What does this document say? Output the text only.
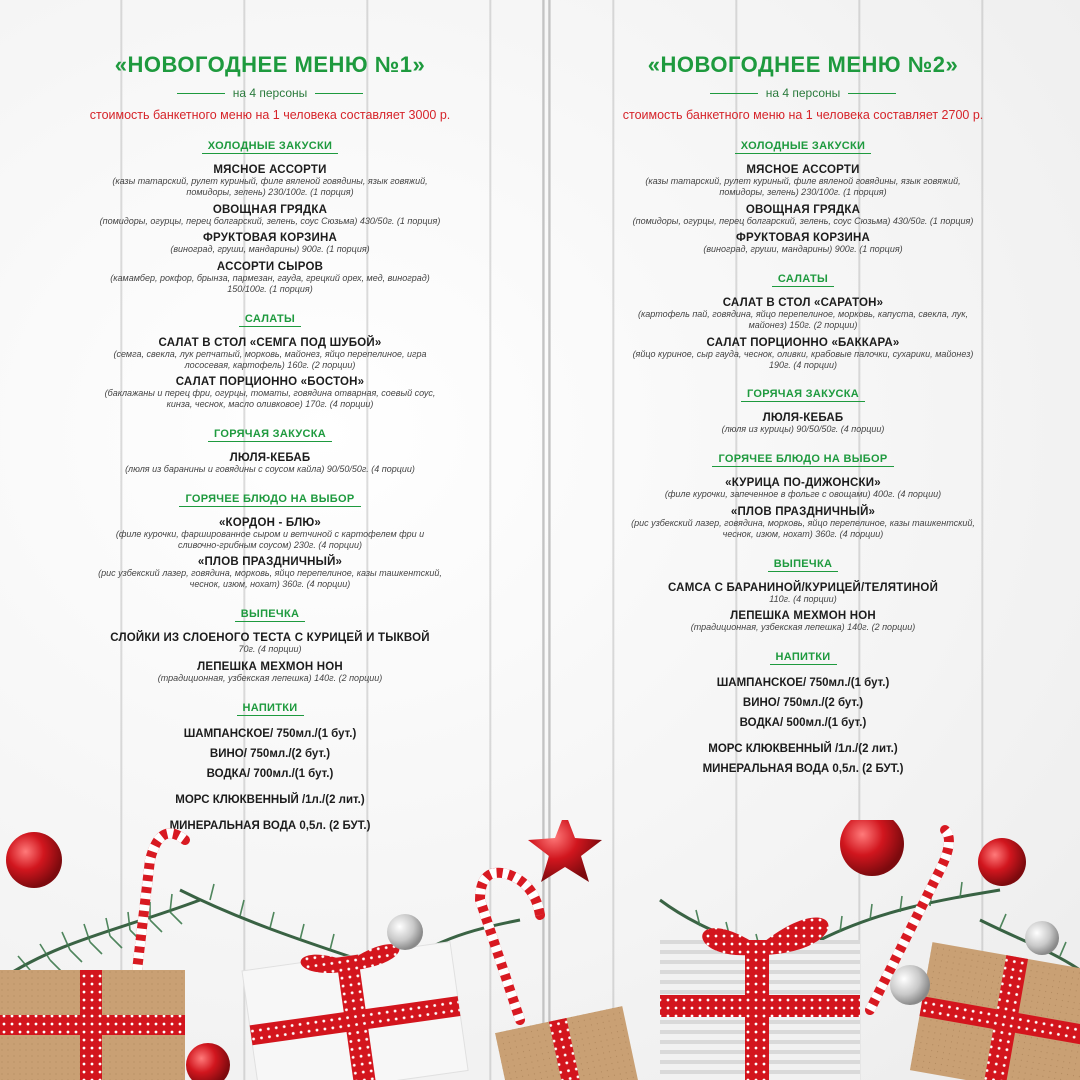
«НОВОГОДНЕЕ МЕНЮ №1»
на 4 персоны
стоимость банкетного меню на 1 человека составляет 3000 р.
ХОЛОДНЫЕ ЗАКУСКИ
МЯСНОЕ АССОРТИ
(казы татарский, рулет куриный, филе вяленой говядины, язык говяжий, помидоры, зелень) 230/100г. (1 порция)
ОВОЩНАЯ ГРЯДКА
(помидоры, огурцы, перец болгарский, зелень, соус Сюзьма) 430/50г. (1 порция)
ФРУКТОВАЯ КОРЗИНА
(виноград, груши, мандарины) 900г. (1 порция)
АССОРТИ СЫРОВ
(камамбер, рокфор, брынза, пармезан, гауда, грецкий орех, мед, виноград) 150/100г. (1 порция)
САЛАТЫ
САЛАТ В СТОЛ «СЕМГА ПОД ШУБОЙ»
(семга, свекла, лук репчатый, морковь, майонез, яйцо перепелиное, игра лососевая, картофель) 160г. (2 порции)
САЛАТ ПОРЦИОННО «БОСТОН»
(баклажаны и перец фри, огурцы, томаты, говядина отварная, соевый соус, кинза, чеснок, масло оливковое) 170г. (4 порции)
ГОРЯЧАЯ ЗАКУСКА
ЛЮЛЯ-КЕБАБ
(люля из баранины и говядины с соусом кайла) 90/50/50г. (4 порции)
ГОРЯЧЕЕ БЛЮДО НА ВЫБОР
«КОРДОН - БЛЮ»
(филе курочки, фаршированное сыром и ветчиной с картофелем фри и сливочно-грибным соусом) 230г. (4 порции)
«ПЛОВ ПРАЗДНИЧНЫЙ»
(рис узбекский лазер, говядина, морковь, яйцо перепелиное, казы ташкентский, чеснок, изюм, нохат) 360г. (4 порции)
ВЫПЕЧКА
СЛОЙКИ ИЗ СЛОЕНОГО ТЕСТА С КУРИЦЕЙ И ТЫКВОЙ
70г. (4 порции)
ЛЕПЕШКА МЕХМОН НОН
(традиционная, узбекская лепешка) 140г. (2 порции)
НАПИТКИ
ШАМПАНСКОЕ/ 750мл./(1 бут.)
ВИНО/ 750мл./(2 бут.)
ВОДКА/ 700мл./(1 бут.)
МОРС КЛЮКВЕННЫЙ /1л./(2 лит.)
МИНЕРАЛЬНАЯ ВОДА 0,5л. (2 БУТ.)
«НОВОГОДНЕЕ МЕНЮ №2»
на 4 персоны
стоимость банкетного меню на 1 человека составляет 2700 р.
ХОЛОДНЫЕ ЗАКУСКИ
МЯСНОЕ АССОРТИ
(казы татарский, рулет куриный, филе вяленой говядины, язык говяжий, помидоры, зелень) 230/100г. (1 порция)
ОВОЩНАЯ ГРЯДКА
(помидоры, огурцы, перец болгарский, зелень, соус Сюзьма) 430/50г. (1 порция)
ФРУКТОВАЯ КОРЗИНА
(виноград, груши, мандарины) 900г. (1 порция)
САЛАТЫ
САЛАТ В СТОЛ «САРАТОН»
(картофель пай, говядина, яйцо перепелиное, морковь, капуста, свекла, лук, майонез) 150г. (2 порции)
САЛАТ ПОРЦИОННО «БАККАРА»
(яйцо куриное, сыр гауда, чеснок, оливки, крабовые палочки, сухарики, майонез) 190г. (4 порции)
ГОРЯЧАЯ ЗАКУСКА
ЛЮЛЯ-КЕБАБ
(люля из курицы) 90/50/50г. (4 порции)
ГОРЯЧЕЕ БЛЮДО НА ВЫБОР
«КУРИЦА ПО-ДИЖОНСКИ»
(филе курочки, запеченное в фольге с овощами) 400г. (4 порции)
«ПЛОВ ПРАЗДНИЧНЫЙ»
(рис узбекский лазер, говядина, морковь, яйцо перепелиное, казы ташкентский, чеснок, изюм, нохат) 360г. (4 порции)
ВЫПЕЧКА
САМСА С БАРАНИНОЙ/КУРИЦЕЙ/ТЕЛЯТИНОЙ
110г. (4 порции)
ЛЕПЕШКА МЕХМОН НОН
(традиционная, узбекская лепешка) 140г. (2 порции)
НАПИТКИ
ШАМПАНСКОЕ/ 750мл./(1 бут.)
ВИНО/ 750мл./(2 бут.)
ВОДКА/ 500мл./(1 бут.)
МОРС КЛЮКВЕННЫЙ /1л./(2 лит.)
МИНЕРАЛЬНАЯ ВОДА 0,5л. (2 БУТ.)
